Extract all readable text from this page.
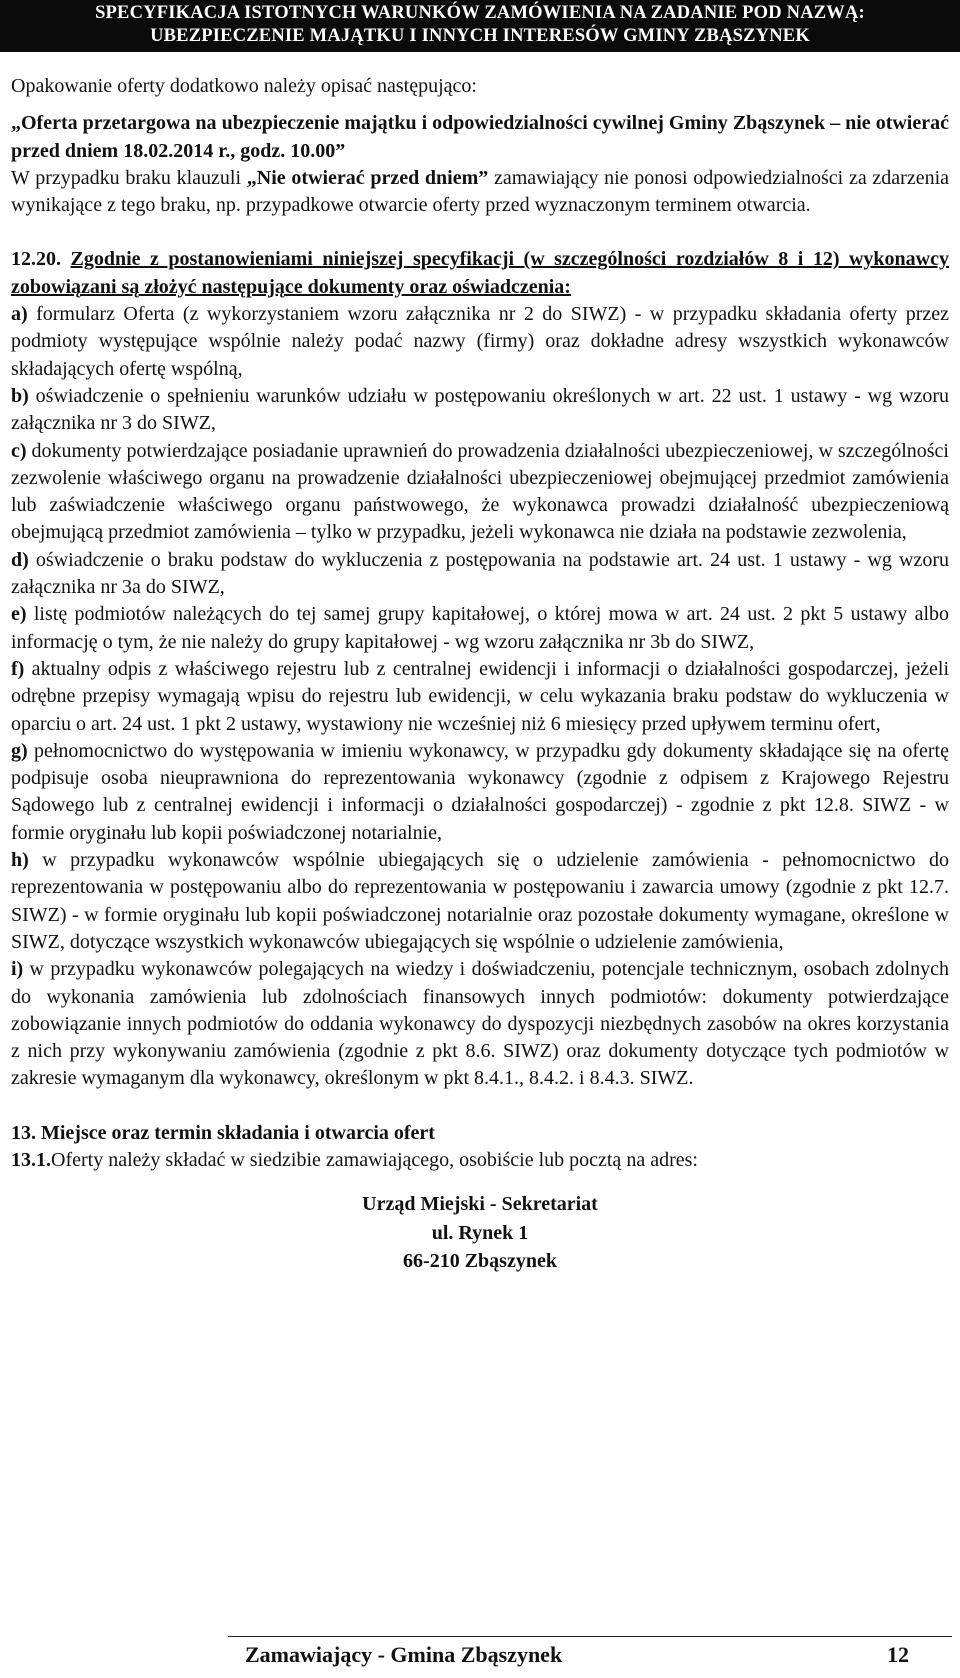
SPECYFIKACJA ISTOTNYCH WARUNKÓW ZAMÓWIENIA NA ZADANIE POD NAZWĄ:
UBEZPIECZENIE MAJĄTKU I INNYCH INTERESÓW GMINY ZBĄSZYNEK

Opakowanie oferty dodatkowo należy opisać następująco:

„Oferta przetargowa na ubezpieczenie majątku i odpowiedzialności cywilnej Gminy Zbąszynek – nie otwierać przed dniem 18.02.2014 r., godz. 10.00”

W przypadku braku klauzuli „Nie otwierać przed dniem” zamawiający nie ponosi odpowiedzialności za zdarzenia wynikające z tego braku, np. przypadkowe otwarcie oferty przed wyznaczonym terminem otwarcia.

12.20. Zgodnie z postanowieniami niniejszej specyfikacji (w szczególności rozdziałów 8 i 12) wykonawcy zobowiązani są złożyć następujące dokumenty oraz oświadczenia:

a) formularz Oferta (z wykorzystaniem wzoru załącznika nr 2 do SIWZ) - w przypadku składania oferty przez podmioty występujące wspólnie należy podać nazwy (firmy) oraz dokładne adresy wszystkich wykonawców składających ofertę wspólną,

b) oświadczenie o spełnieniu warunków udziału w postępowaniu określonych w art. 22 ust. 1 ustawy - wg wzoru załącznika nr 3 do SIWZ,

c) dokumenty potwierdzające posiadanie uprawnień do prowadzenia działalności ubezpieczeniowej, w szczególności zezwolenie właściwego organu na prowadzenie działalności ubezpieczeniowej obejmującej przedmiot zamówienia lub zaświadczenie właściwego organu państwowego, że wykonawca prowadzi działalność ubezpieczeniową obejmującą przedmiot zamówienia – tylko w przypadku, jeżeli wykonawca nie działa na podstawie zezwolenia,

d) oświadczenie o braku podstaw do wykluczenia z postępowania na podstawie art. 24 ust. 1 ustawy - wg wzoru załącznika nr 3a do SIWZ,

e) listę podmiotów należących do tej samej grupy kapitałowej, o której mowa w art. 24 ust. 2 pkt 5 ustawy albo informację o tym, że nie należy do grupy kapitałowej - wg wzoru załącznika nr 3b do SIWZ,

f) aktualny odpis z właściwego rejestru lub z centralnej ewidencji i informacji o działalności gospodarczej, jeżeli odrębne przepisy wymagają wpisu do rejestru lub ewidencji, w celu wykazania braku podstaw do wykluczenia w oparciu o art. 24 ust. 1 pkt 2 ustawy, wystawiony nie wcześniej niż 6 miesięcy przed upływem terminu ofert,

g) pełnomocnictwo do występowania w imieniu wykonawcy, w przypadku gdy dokumenty składające się na ofertę podpisuje osoba nieuprawniona do reprezentowania wykonawcy (zgodnie z odpisem z Krajowego Rejestru Sądowego lub z centralnej ewidencji i informacji o działalności gospodarczej) - zgodnie z pkt 12.8. SIWZ - w formie oryginału lub kopii poświadczonej notarialnie,

h) w przypadku wykonawców wspólnie ubiegających się o udzielenie zamówienia - pełnomocnictwo do reprezentowania w postępowaniu albo do reprezentowania w postępowaniu i zawarcia umowy (zgodnie z pkt 12.7. SIWZ) - w formie oryginału lub kopii poświadczonej notarialnie oraz pozostałe dokumenty wymagane, określone w SIWZ, dotyczące wszystkich wykonawców ubiegających się wspólnie o udzielenie zamówienia,

i) w przypadku wykonawców polegających na wiedzy i doświadczeniu, potencjale technicznym, osobach zdolnych do wykonania zamówienia lub zdolnościach finansowych innych podmiotów: dokumenty potwierdzające zobowiązanie innych podmiotów do oddania wykonawcy do dyspozycji niezbędnych zasobów na okres korzystania z nich przy wykonywaniu zamówienia (zgodnie z pkt 8.6. SIWZ) oraz dokumenty dotyczące tych podmiotów w zakresie wymaganym dla wykonawcy, określonym w pkt 8.4.1., 8.4.2. i 8.4.3. SIWZ.

13. Miejsce oraz termin składania i otwarcia ofert

13.1.Oferty należy składać w siedzibie zamawiającego, osobiście lub pocztą na adres:

Urząd Miejski - Sekretariat
ul. Rynek 1
66-210 Zbąszynek
Zamawiający - Gmina Zbąszynek	12
